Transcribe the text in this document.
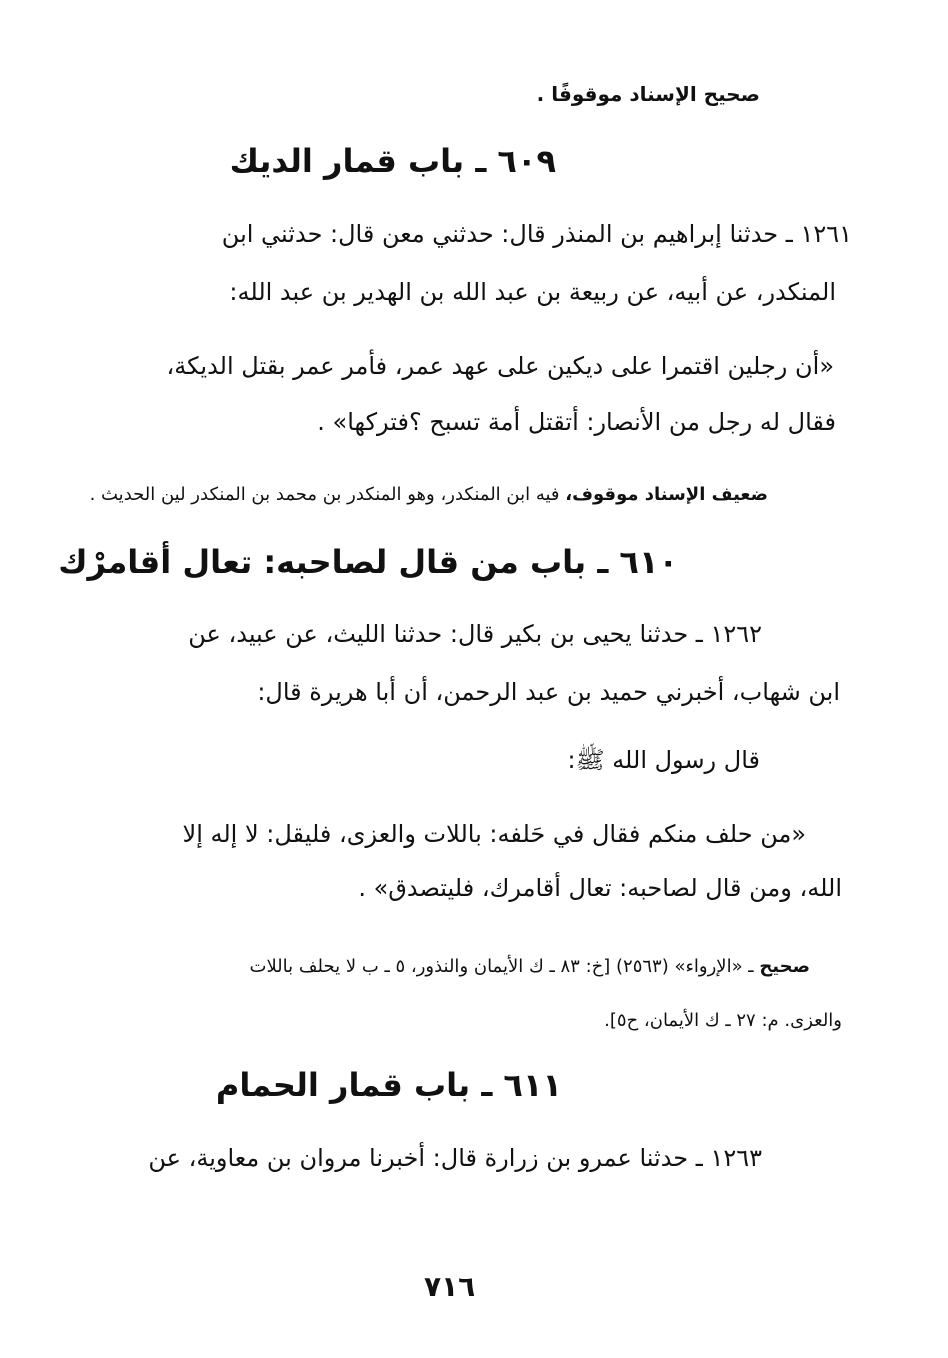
صحيح الإسناد موقوفًا .

٦٠٩ ـ باب قمار الديك

١٢٦١ ـ حدثنا إبراهيم بن المنذر قال: حدثني معن قال: حدثني ابن

المنكدر، عن أبيه، عن ربيعة بن عبد الله بن الهدير بن عبد الله:

«أن رجلين اقتمرا على ديكين على عهد عمر، فأمر عمر بقتل الديكة،

فقال له رجل من الأنصار: أتقتل أمة تسبح ؟فتركها» .

ضعيف الإسناد موقوف، فيه ابن المنكدر، وهو المنكدر بن محمد بن المنكدر لين الحديث .

٦١٠ ـ باب من قال لصاحبه: تعال أقامرْك

١٢٦٢ ـ حدثنا يحيى بن بكير قال: حدثنا الليث، عن عبيد، عن

ابن شهاب، أخبرني حميد بن عبد الرحمن، أن أبا هريرة قال:

قال رسول الله ﷺ:

«من حلف منكم فقال في حَلفه: باللات والعزى، فليقل: لا إله إلا

الله، ومن قال لصاحبه: تعال أقامرك، فليتصدق» .

صحيح ـ «الإرواء» (٢٥٦٣) [خ: ٨٣ ـ ك الأيمان والنذور، ٥ ـ ب لا يحلف باللات

والعزى. م: ٢٧ ـ ك الأيمان، ح٥].

٦١١ ـ باب قمار الحمام

١٢٦٣ ـ حدثنا عمرو بن زرارة قال: أخبرنا مروان بن معاوية، عن

٧١٦
